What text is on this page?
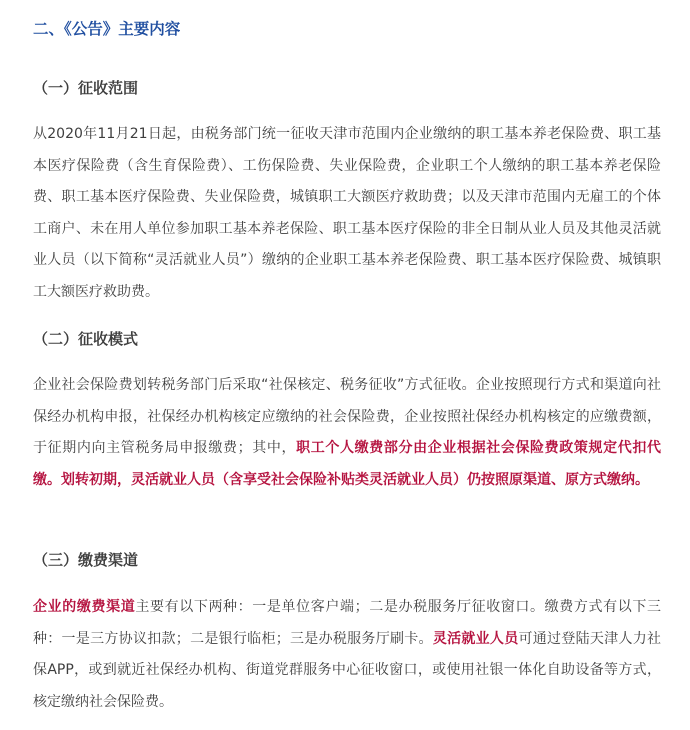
二、《公告》主要内容
（一）征收范围

从2020年11月21日起，由税务部门统一征收天津市范围内企业缴纳的职工基本养老保险费、职工基本医疗保险费（含生育保险费）、工伤保险费、失业保险费，企业职工个人缴纳的职工基本养老保险费、职工基本医疗保险费、失业保险费，城镇职工大额医疗救助费；以及天津市范围内无雇工的个体工商户、未在用人单位参加职工基本养老保险、职工基本医疗保险的非全日制从业人员及其他灵活就业人员（以下简称“灵活就业人员”）缴纳的企业职工基本养老保险费、职工基本医疗保险费、城镇职工大额医疗救助费。

（二）征收模式

企业社会保险费划转税务部门后采取“社保核定、税务征收”方式征收。企业按照现行方式和渠道向社保经办机构申报，社保经办机构核定应缴纳的社会保险费，企业按照社保经办机构核定的应缴费额，于征期内向主管税务局申报缴费；其中，职工个人缴费部分由企业根据社会保险费政策规定代扣代缴。划转初期，灵活就业人员（含享受社会保险补贴类灵活就业人员）仍按照原渠道、原方式缴纳。

（三）缴费渠道

企业的缴费渠道主要有以下两种：一是单位客户端；二是办税服务厅征收窗口。缴费方式有以下三种：一是三方协议扣款；二是银行临柜；三是办税服务厅刷卡。灵活就业人员可通过登陆天津人力社保APP，或到就近社保经办机构、街道党群服务中心征收窗口，或使用社银一体化自助设备等方式，核定缴纳社会保险费。
